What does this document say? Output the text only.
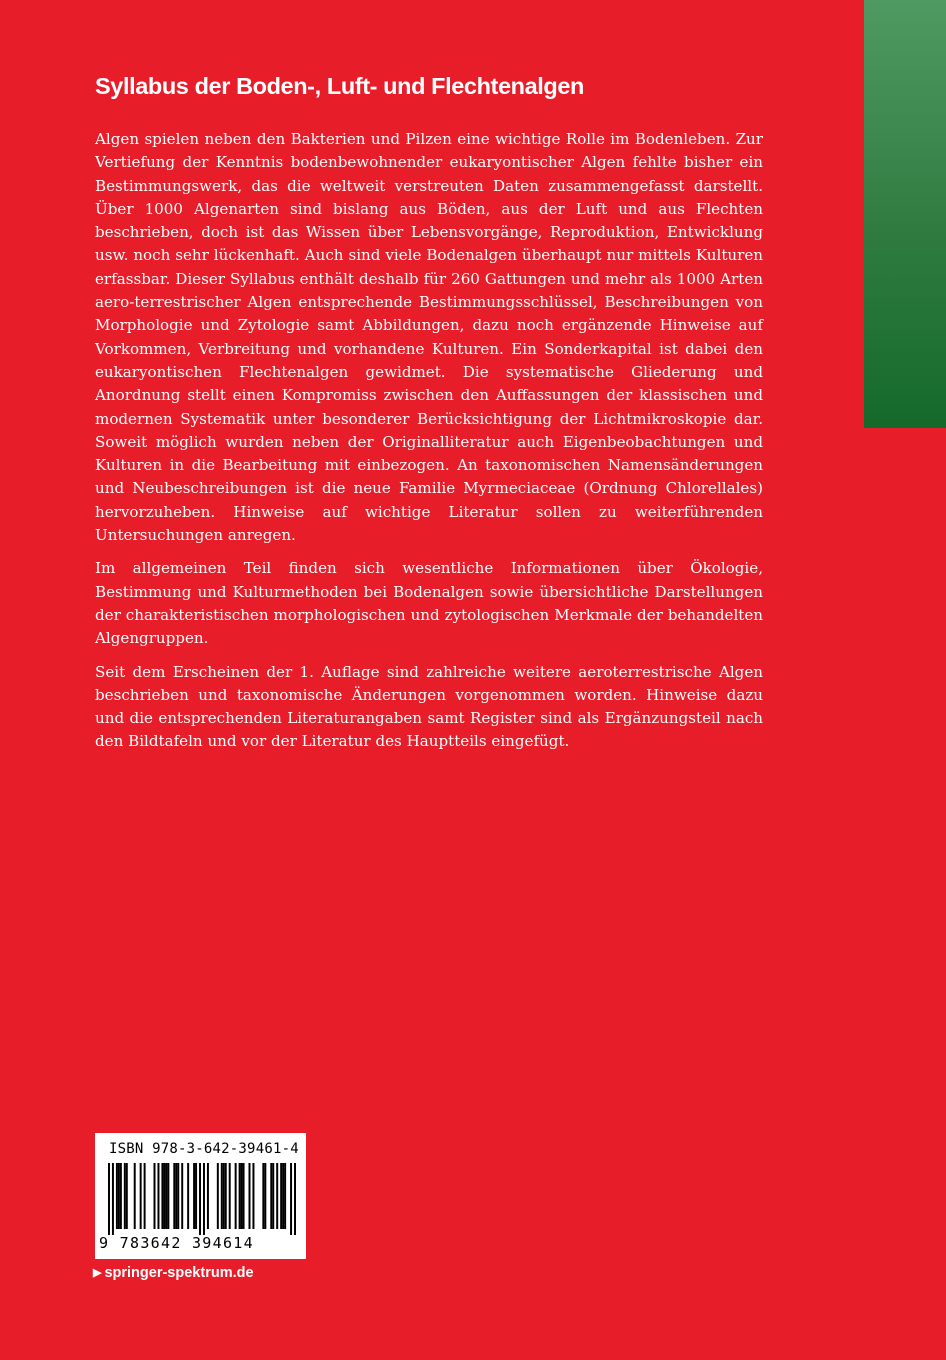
Syllabus der Boden-, Luft- und Flechtenalgen

Algen spielen neben den Bakterien und Pilzen eine wichtige Rolle im Bodenleben. Zur Vertiefung der Kenntnis bodenbewohnender eukaryontischer Algen fehlte bisher ein Bestimmungswerk, das die weltweit verstreuten Daten zusammengefasst darstellt. Über 1000 Algenarten sind bislang aus Böden, aus der Luft und aus Flechten beschrieben, doch ist das Wissen über Lebensvorgänge, Reproduktion, Entwicklung usw. noch sehr lückenhaft. Auch sind viele Bodenalgen überhaupt nur mittels Kulturen erfassbar. Dieser Syllabus enthält deshalb für 260 Gattungen und mehr als 1000 Arten aero-terrestrischer Algen entsprechende Bestimmungsschlüssel, Beschreibungen von Morphologie und Zytologie samt Abbildungen, dazu noch ergänzende Hinweise auf Vorkommen, Verbreitung und vorhandene Kulturen. Ein Sonderkapital ist dabei den eukaryontischen Flechtenalgen gewidmet. Die systematische Gliederung und Anordnung stellt einen Kompromiss zwischen den Auffassungen der klassischen und modernen Systematik unter besonderer Berücksichtigung der Lichtmikroskopie dar. Soweit möglich wurden neben der Originalliteratur auch Eigenbeobachtungen und Kulturen in die Bearbeitung mit einbezogen. An taxonomischen Namensänderungen und Neubeschreibungen ist die neue Familie Myrmeciaceae (Ordnung Chlorellales) hervorzuheben. Hinweise auf wichtige Literatur sollen zu weiterführenden Untersuchungen anregen.

Im allgemeinen Teil finden sich wesentliche Informationen über Ökologie, Bestimmung und Kulturmethoden bei Bodenalgen sowie übersichtliche Darstellungen der charakteristischen morphologischen und zytologischen Merkmale der behandelten Algengruppen.

Seit dem Erscheinen der 1. Auflage sind zahlreiche weitere aeroterrestrische Algen beschrieben und taxonomische Änderungen vorgenommen worden. Hinweise dazu und die entsprechenden Literaturangaben samt Register sind als Ergänzungsteil nach den Bildtafeln und vor der Literatur des Hauptteils eingefügt.

ISBN 978-3-642-39461-4
9 783642 394614
▶ springer-spektrum.de
